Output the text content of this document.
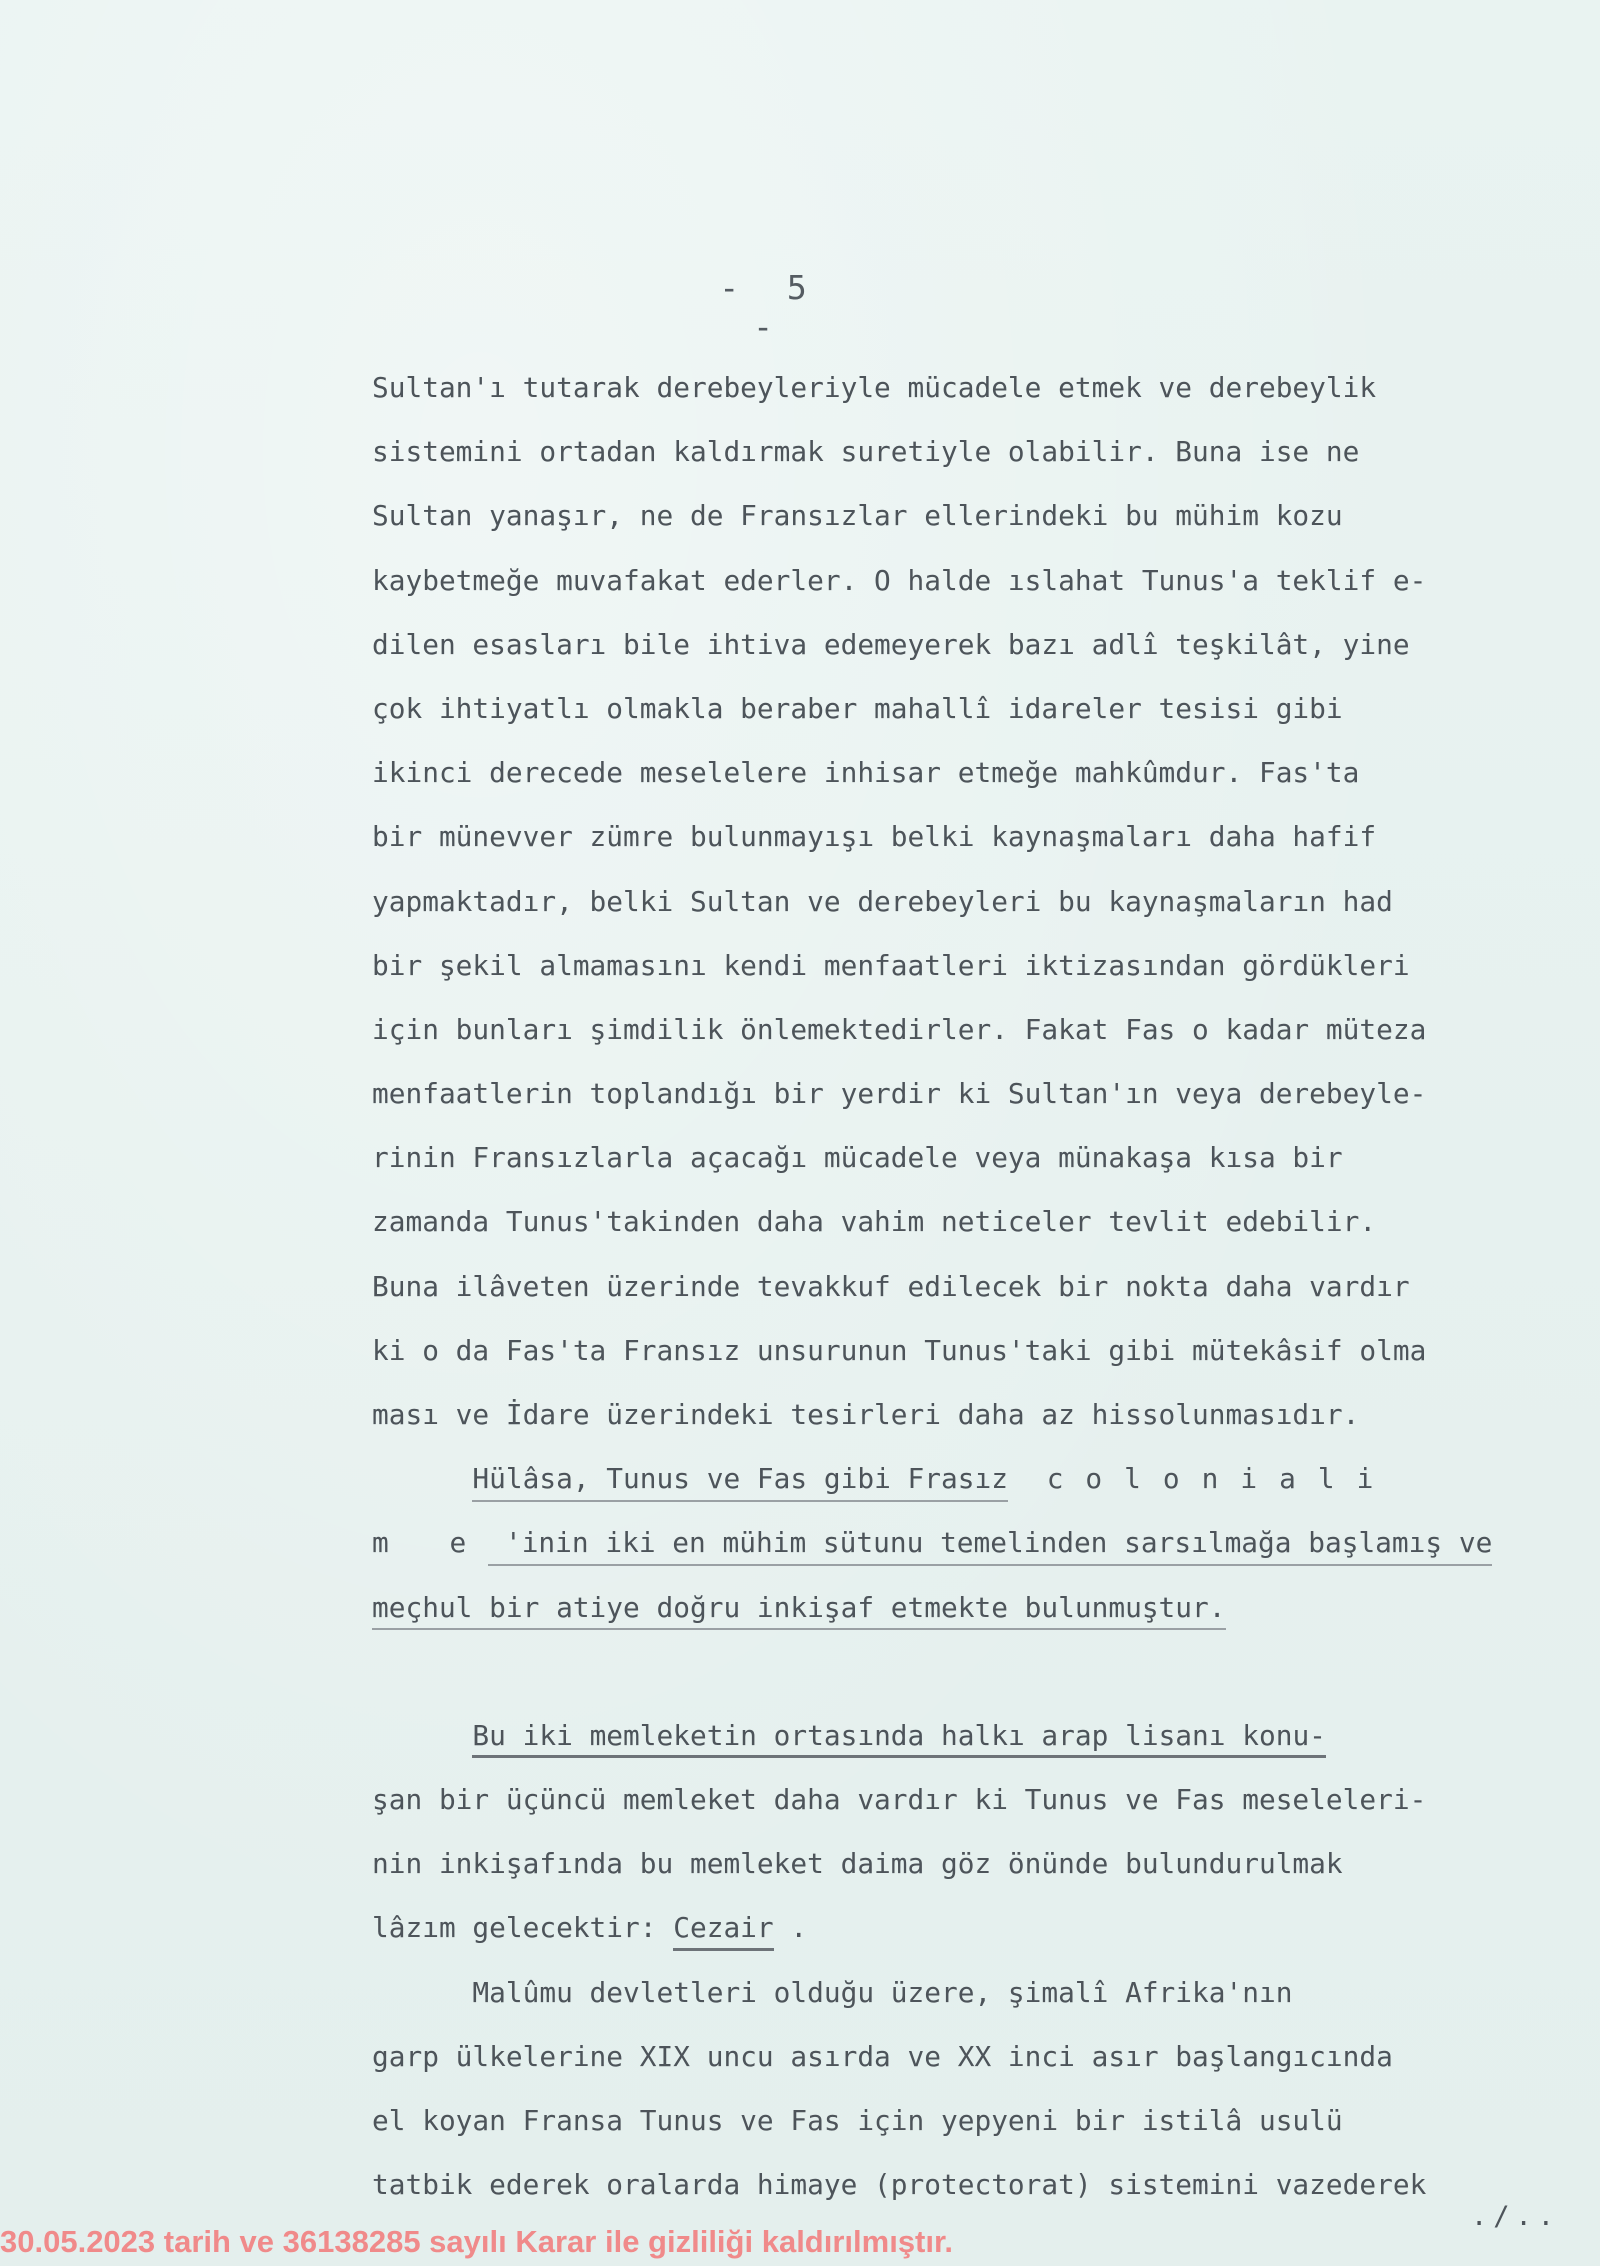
- 5 -
Sultan'ı tutarak derebeyleriyle mücadele etmek ve derebeylik
sistemini ortadan kaldırmak suretiyle olabilir. Buna ise ne
Sultan yanaşır, ne de Fransızlar ellerindeki bu mühim kozu
kaybetmeğe muvafakat ederler. O halde ıslahat Tunus'a teklif e-
dilen esasları bile ihtiva edemeyerek bazı adlî teşkilât, yine
çok ihtiyatlı olmakla beraber mahallî idareler tesisi gibi
ikinci derecede meselelere inhisar etmeğe mahkûmdur. Fas'ta
bir münevver zümre bulunmayışı belki kaynaşmaları daha hafif
yapmaktadır, belki Sultan ve derebeyleri bu kaynaşmaların had
bir şekil almamasını kendi menfaatleri iktizasından gördükleri
için bunları şimdilik önlemektedirler. Fakat Fas o kadar müteza
menfaatlerin toplandığı bir yerdir ki Sultan'ın veya derebeyle-
rinin Fransızlarla açacağı mücadele veya münakaşa kısa bir
zamanda Tunus'takinden daha vahim neticeler tevlit edebilir.
Buna ilâveten üzerinde tevakkuf edilecek bir nokta daha vardır
ki o da Fas'ta Fransız unsurunun Tunus'taki gibi mütekâsif olma
ması ve İdare üzerindeki tesirleri daha az hissolunmasıdır.
Hülâsa, Tunus ve Fas gibi Frasız coloniali
m e 'inin iki en mühim sütunu temelinden sarsılmağa başlamış ve
meçhul bir atiye doğru inkişaf etmekte bulunmuştur.
Bu iki memleketin ortasında halkı arap lisanı konu-
şan bir üçüncü memleket daha vardır ki Tunus ve Fas meseleleri-
nin inkişafında bu memleket daima göz önünde bulundurulmak
lâzım gelecektir: Cezair .
Malûmu devletleri olduğu üzere, şimalî Afrika'nın
garp ülkelerine XIX uncu asırda ve XX inci asır başlangıcında
el koyan Fransa Tunus ve Fas için yepyeni bir istilâ usulü
tatbik ederek oralarda himaye (protectorat) sistemini vazederek
./..
30.05.2023 tarih ve 36138285 sayılı Karar ile gizliliği kaldırılmıştır.
